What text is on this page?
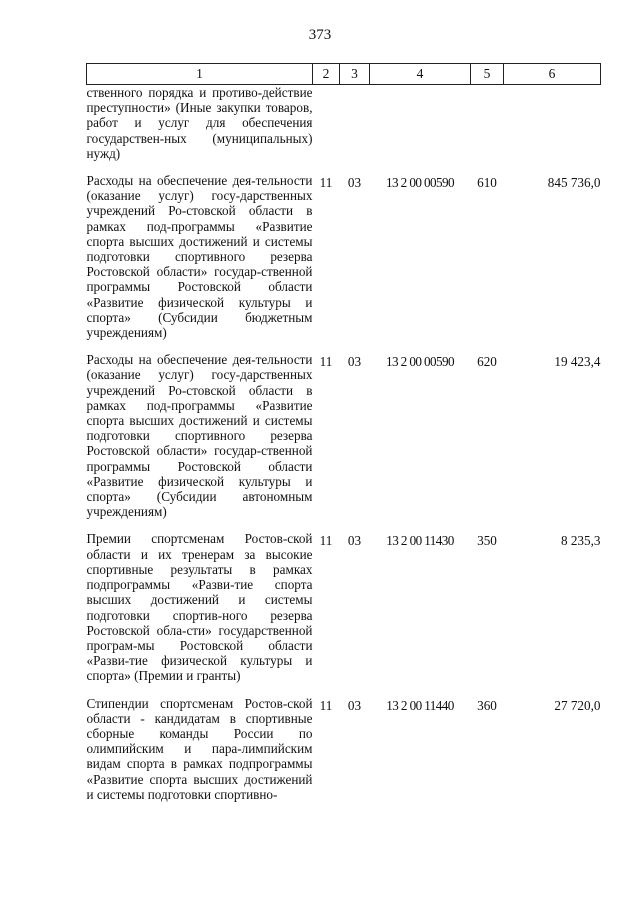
373
1	2	3	4	5	6
ственного порядка и противо-действие преступности» (Иные закупки товаров, работ и услуг для обеспечения государствен-ных (муниципальных) нужд)					
Расходы на обеспечение дея-тельности (оказание услуг) госу-дарственных учреждений Ро-стовской области в рамках под-программы «Развитие спорта высших достижений и системы подготовки спортивного резерва Ростовской области» государ-ственной программы Ростовской области «Развитие физической культуры и спорта» (Субсидии бюджетным учреждениям)	11	03	13 2 00 00590	610	845 736,0
Расходы на обеспечение дея-тельности (оказание услуг) госу-дарственных учреждений Ро-стовской области в рамках под-программы «Развитие спорта высших достижений и системы подготовки спортивного резерва Ростовской области» государ-ственной программы Ростовской области «Развитие физической культуры и спорта» (Субсидии автономным учреждениям)	11	03	13 2 00 00590	620	19 423,4
Премии спортсменам Ростов-ской области и их тренерам за высокие спортивные результаты в рамках подпрограммы «Разви-тие спорта высших достижений и системы подготовки спортив-ного резерва Ростовской обла-сти» государственной програм-мы Ростовской области «Разви-тие физической культуры и спорта» (Премии и гранты)	11	03	13 2 00 11430	350	8 235,3
Стипендии спортсменам Ростов-ской области - кандидатам в спортивные сборные команды России по олимпийским и пара-лимпийским видам спорта в рамках подпрограммы «Развитие спорта высших достижений и системы подготовки спортивно-	11	03	13 2 00 11440	360	27 720,0
